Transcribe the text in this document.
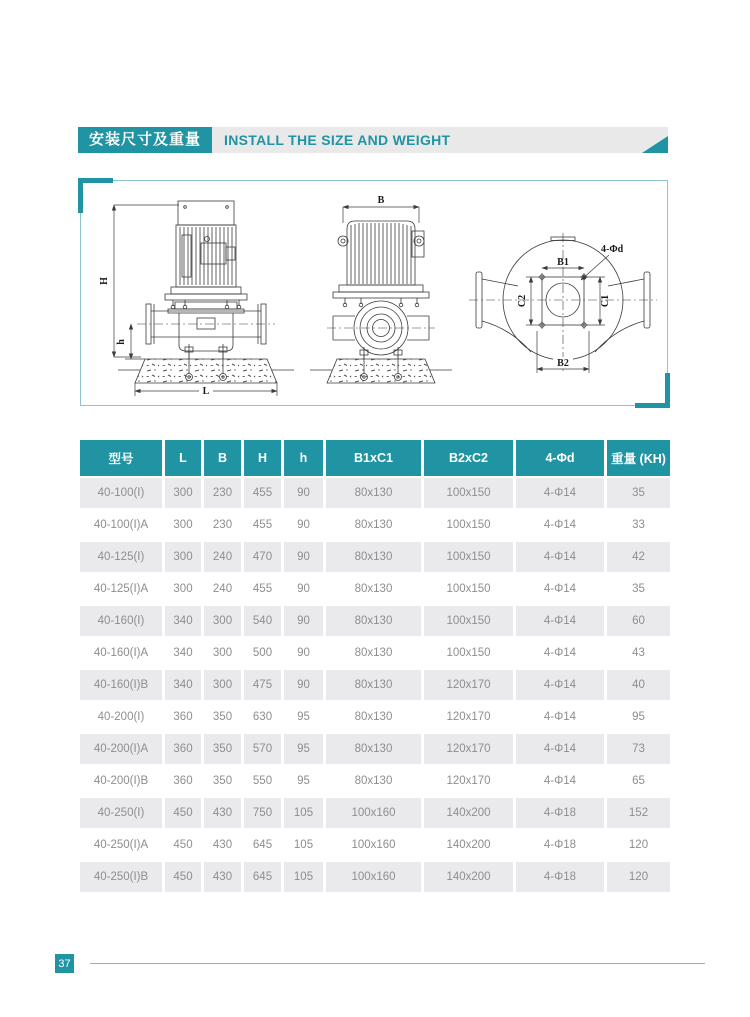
安装尺寸及重量	INSTALL THE SIZE AND WEIGHT
H
h
L
B
B1
C2	C1
B2
4-Φd
型号	L	B	H	h	B1xC1	B2xC2	4-Φd	重量 (KH)
40-100(I)	300	230	455	90	80x130	100x150	4-Φ14	35
40-100(I)A	300	230	455	90	80x130	100x150	4-Φ14	33
40-125(I)	300	240	470	90	80x130	100x150	4-Φ14	42
40-125(I)A	300	240	455	90	80x130	100x150	4-Φ14	35
40-160(I)	340	300	540	90	80x130	100x150	4-Φ14	60
40-160(I)A	340	300	500	90	80x130	100x150	4-Φ14	43
40-160(I)B	340	300	475	90	80x130	120x170	4-Φ14	40
40-200(I)	360	350	630	95	80x130	120x170	4-Φ14	95
40-200(I)A	360	350	570	95	80x130	120x170	4-Φ14	73
40-200(I)B	360	350	550	95	80x130	120x170	4-Φ14	65
40-250(I)	450	430	750	105	100x160	140x200	4-Φ18	152
40-250(I)A	450	430	645	105	100x160	140x200	4-Φ18	120
40-250(I)B	450	430	645	105	100x160	140x200	4-Φ18	120
37
